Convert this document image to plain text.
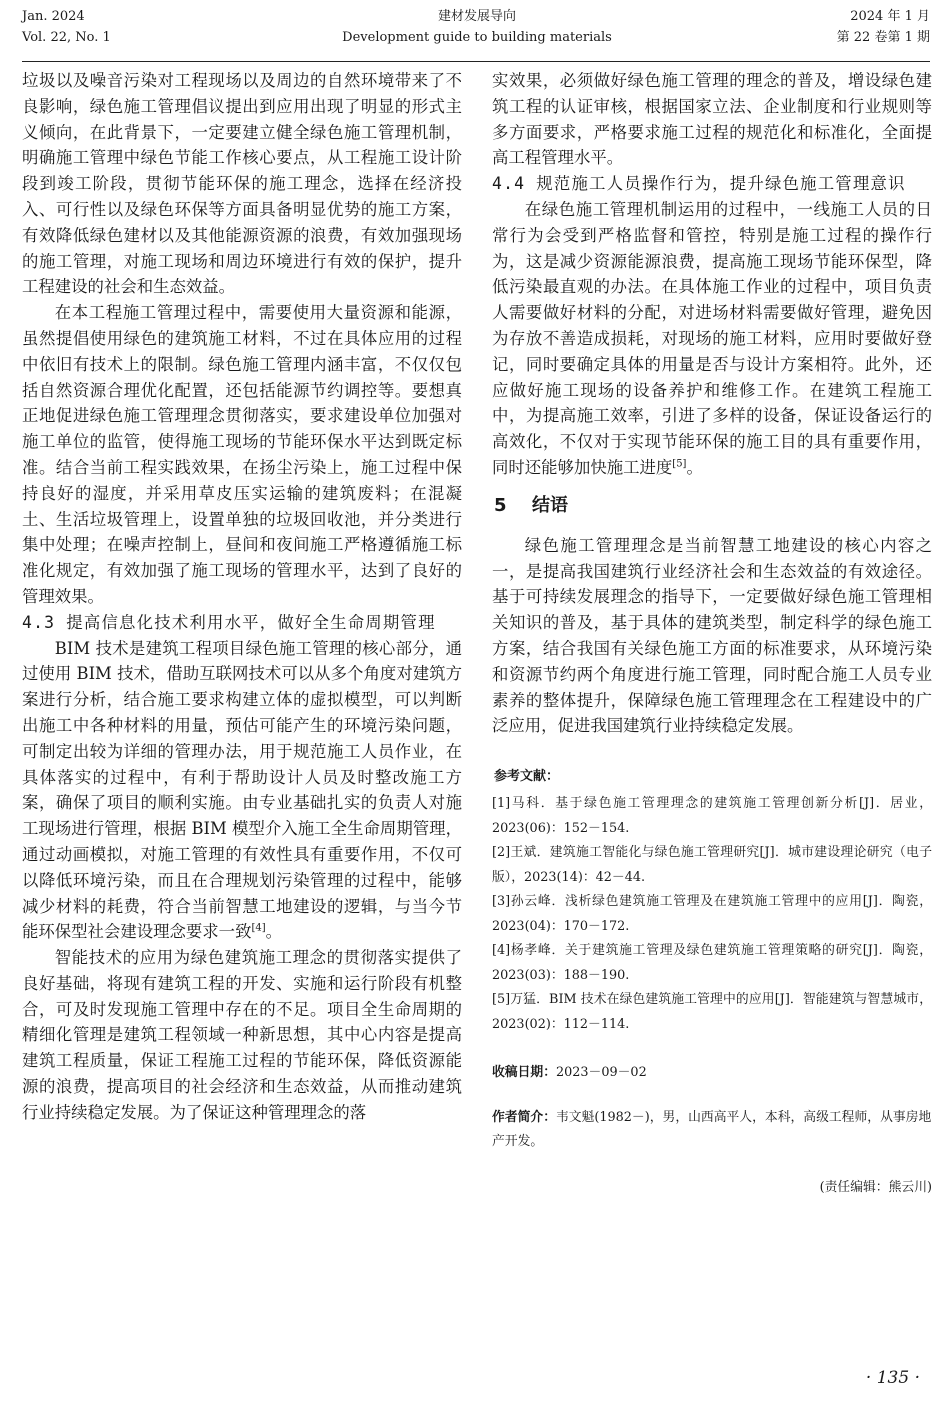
Jan. 2024
Vol. 22, No. 1
建材发展导向
Development guide to building materials
2024 年 1 月
第 22 卷第 1 期

垃圾以及噪音污染对工程现场以及周边的自然环境带来了不良影响，绿色施工管理倡议提出到应用出现了明显的形式主义倾向，在此背景下，一定要建立健全绿色施工管理机制，明确施工管理中绿色节能工作核心要点，从工程施工设计阶段到竣工阶段，贯彻节能环保的施工理念，选择在经济投入、可行性以及绿色环保等方面具备明显优势的施工方案，有效降低绿色建材以及其他能源资源的浪费，有效加强现场的施工管理，对施工现场和周边环境进行有效的保护，提升工程建设的社会和生态效益。

在本工程施工管理过程中，需要使用大量资源和能源，虽然提倡使用绿色的建筑施工材料，不过在具体应用的过程中依旧有技术上的限制。绿色施工管理内涵丰富，不仅仅包括自然资源合理优化配置，还包括能源节约调控等。要想真正地促进绿色施工管理理念贯彻落实，要求建设单位加强对施工单位的监管，使得施工现场的节能环保水平达到既定标准。结合当前工程实践效果，在扬尘污染上，施工过程中保持良好的湿度，并采用草皮压实运输的建筑废料；在混凝土、生活垃圾管理上，设置单独的垃圾回收池，并分类进行集中处理；在噪声控制上，昼间和夜间施工严格遵循施工标准化规定，有效加强了施工现场的管理水平，达到了良好的管理效果。

4.3 提高信息化技术利用水平，做好全生命周期管理

BIM 技术是建筑工程项目绿色施工管理的核心部分，通过使用 BIM 技术，借助互联网技术可以从多个角度对建筑方案进行分析，结合施工要求构建立体的虚拟模型，可以判断出施工中各种材料的用量，预估可能产生的环境污染问题，可制定出较为详细的管理办法，用于规范施工人员作业，在具体落实的过程中，有利于帮助设计人员及时整改施工方案，确保了项目的顺利实施。由专业基础扎实的负责人对施工现场进行管理，根据 BIM 模型介入施工全生命周期管理，通过动画模拟，对施工管理的有效性具有重要作用，不仅可以降低环境污染，而且在合理规划污染管理的过程中，能够减少材料的耗费，符合当前智慧工地建设的逻辑，与当今节能环保型社会建设理念要求一致[4]。

智能技术的应用为绿色建筑施工理念的贯彻落实提供了良好基础，将现有建筑工程的开发、实施和运行阶段有机整合，可及时发现施工管理中存在的不足。项目全生命周期的精细化管理是建筑工程领域一种新思想，其中心内容是提高建筑工程质量，保证工程施工过程的节能环保，降低资源能源的浪费，提高项目的社会经济和生态效益，从而推动建筑行业持续稳定发展。为了保证这种管理理念的落

实效果，必须做好绿色施工管理的理念的普及，增设绿色建筑工程的认证审核，根据国家立法、企业制度和行业规则等多方面要求，严格要求施工过程的规范化和标准化，全面提高工程管理水平。

4.4 规范施工人员操作行为，提升绿色施工管理意识

在绿色施工管理机制运用的过程中，一线施工人员的日常行为会受到严格监督和管控，特别是施工过程的操作行为，这是减少资源能源浪费，提高施工现场节能环保型，降低污染最直观的办法。在具体施工作业的过程中，项目负责人需要做好材料的分配，对进场材料需要做好管理，避免因为存放不善造成损耗，对现场的施工材料，应用时要做好登记，同时要确定具体的用量是否与设计方案相符。此外，还应做好施工现场的设备养护和维修工作。在建筑工程施工中，为提高施工效率，引进了多样的设备，保证设备运行的高效化，不仅对于实现节能环保的施工目的具有重要作用，同时还能够加快施工进度[5]。

5 结语

绿色施工管理理念是当前智慧工地建设的核心内容之一，是提高我国建筑行业经济社会和生态效益的有效途径。基于可持续发展理念的指导下，一定要做好绿色施工管理相关知识的普及，基于具体的建筑类型，制定科学的绿色施工方案，结合我国有关绿色施工方面的标准要求，从环境污染和资源节约两个角度进行施工管理，同时配合施工人员专业素养的整体提升，保障绿色施工管理理念在工程建设中的广泛应用，促进我国建筑行业持续稳定发展。

参考文献：

[1]马科．基于绿色施工管理理念的建筑施工管理创新分析[J]．居业，2023(06)：152－154.

[2]王斌．建筑施工智能化与绿色施工管理研究[J]．城市建设理论研究（电子版），2023(14)：42－44.

[3]孙云峰．浅析绿色建筑施工管理及在建筑施工管理中的应用[J]．陶瓷，2023(04)：170－172.

[4]杨孝峰．关于建筑施工管理及绿色建筑施工管理策略的研究[J]．陶瓷，2023(03)：188－190.

[5]万猛．BIM 技术在绿色建筑施工管理中的应用[J]．智能建筑与智慧城市，2023(02)：112－114.

收稿日期：2023－09－02

作者简介：韦文魁(1982－)，男，山西高平人，本科，高级工程师，从事房地产开发。

(责任编辑：熊云川)

· 135 ·
